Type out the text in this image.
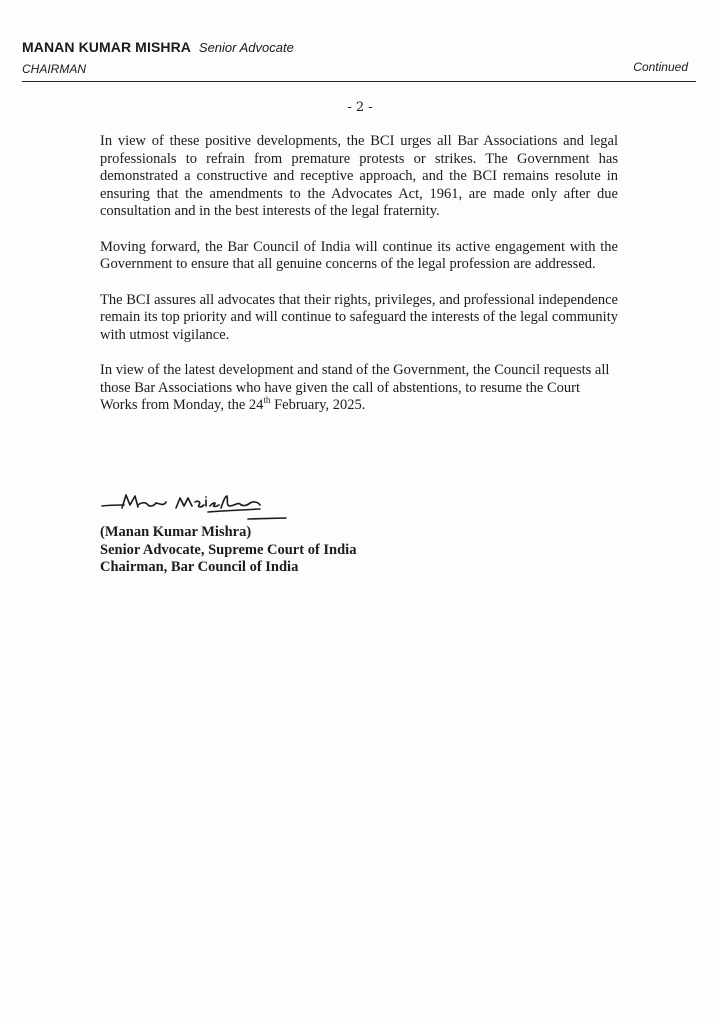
MANAN KUMAR MISHRA Senior Advocate
CHAIRMAN	Continued
- 2 -

In view of these positive developments, the BCI urges all Bar Associations and legal professionals to refrain from premature protests or strikes. The Government has demonstrated a constructive and receptive approach, and the BCI remains resolute in ensuring that the amendments to the Advocates Act, 1961, are made only after due consultation and in the best interests of the legal fraternity.

Moving forward, the Bar Council of India will continue its active engagement with the Government to ensure that all genuine concerns of the legal profession are addressed.

The BCI assures all advocates that their rights, privileges, and professional independence remain its top priority and will continue to safeguard the interests of the legal community with utmost vigilance.

In view of the latest development and stand of the Government, the Council requests all those Bar Associations who have given the call of abstentions, to resume the Court Works from Monday, the 24th February, 2025.

(Manan Kumar Mishra)
Senior Advocate, Supreme Court of India
Chairman, Bar Council of India
